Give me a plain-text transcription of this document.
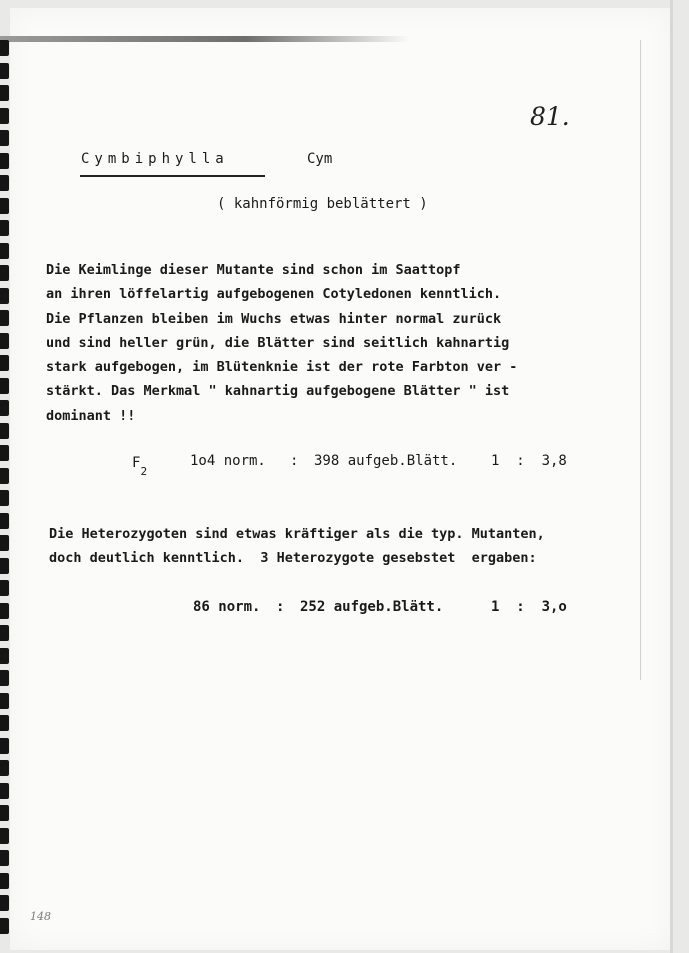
81.
Cymbiphylla	Cym
( kahnförmig beblättert )
Die Keimlinge dieser Mutante sind schon im Saattopf
an ihren löffelartig aufgebogenen Cotyledonen kenntlich.
Die Pflanzen bleiben im Wuchs etwas hinter normal zurück
und sind heller grün, die Blätter sind seitlich kahnartig
stark aufgebogen, im Blütenknie ist der rote Farbton ver -
stärkt. Das Merkmal " kahnartig aufgebogene Blätter " ist
dominant !!
$F_2$
1o4 norm. : 398 aufgeb.Blätt. 1  :  3,8
Die Heterozygoten sind etwas kräftiger als die typ. Mutanten,
doch deutlich kenntlich.  3 Heterozygote gesebstet  ergaben:
86 norm. : 252 aufgeb.Blätt.	1  :  3,o
148
